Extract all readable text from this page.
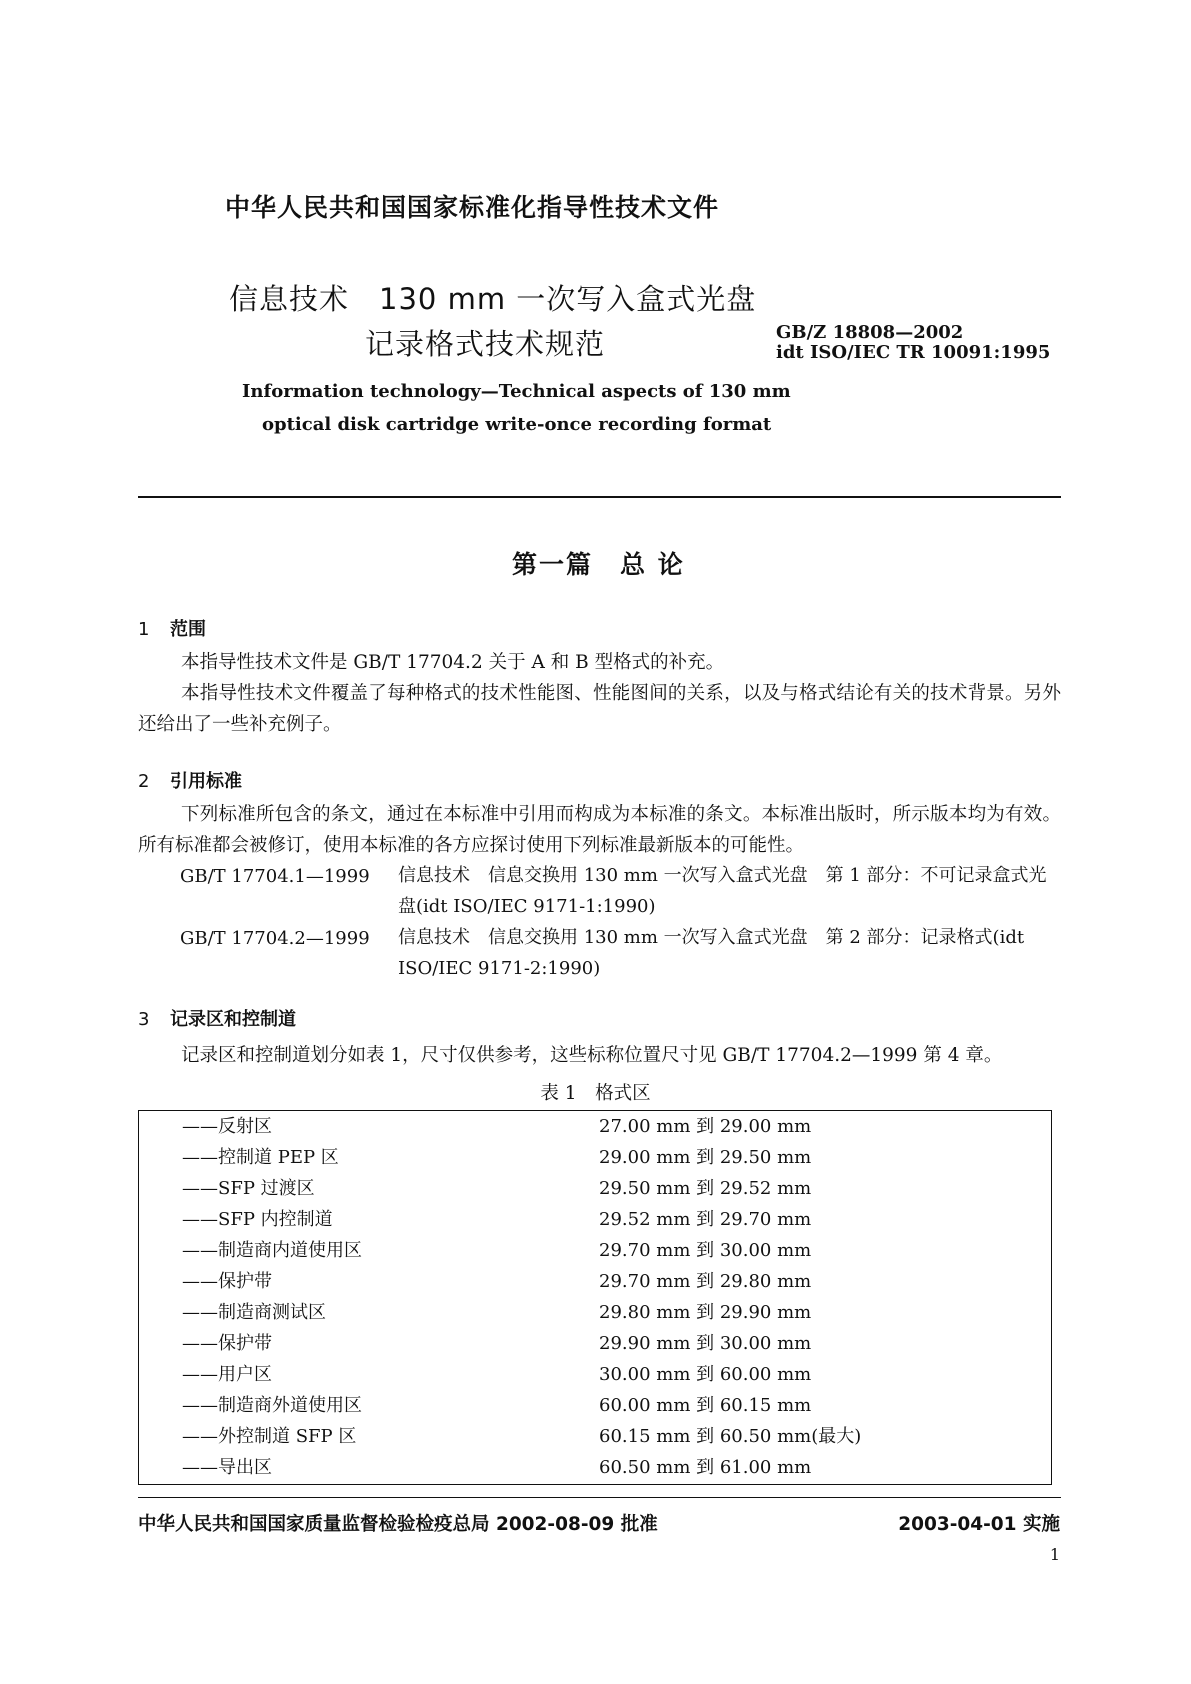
中华人民共和国国家标准化指导性技术文件
信息技术　130 mm 一次写入盒式光盘
记录格式技术规范	GB/Z 18808—2002
idt ISO/IEC TR 10091:1995
Information technology—Technical aspects of 130 mm
optical disk cartridge write-once recording format
第一篇　总 论
1 范围
本指导性技术文件是 GB/T 17704.2 关于 A 和 B 型格式的补充。
本指导性技术文件覆盖了每种格式的技术性能图、性能图间的关系，以及与格式结论有关的技术背景。另外还给出了一些补充例子。
2 引用标准
下列标准所包含的条文，通过在本标准中引用而构成为本标准的条文。本标准出版时，所示版本均为有效。所有标准都会被修订，使用本标准的各方应探讨使用下列标准最新版本的可能性。
GB/T 17704.1—1999 信息技术　信息交换用 130 mm 一次写入盒式光盘　第 1 部分：不可记录盒式光盘(idt ISO/IEC 9171-1:1990)
GB/T 17704.2—1999 信息技术　信息交换用 130 mm 一次写入盒式光盘　第 2 部分：记录格式(idt ISO/IEC 9171-2:1990)
3 记录区和控制道
记录区和控制道划分如表 1，尺寸仅供参考，这些标称位置尺寸见 GB/T 17704.2—1999 第 4 章。
表 1　格式区
——反射区	27.00 mm 到 29.00 mm
——控制道 PEP 区	29.00 mm 到 29.50 mm
——SFP 过渡区	29.50 mm 到 29.52 mm
——SFP 内控制道	29.52 mm 到 29.70 mm
——制造商内道使用区	29.70 mm 到 30.00 mm
——保护带	29.70 mm 到 29.80 mm
——制造商测试区	29.80 mm 到 29.90 mm
——保护带	29.90 mm 到 30.00 mm
——用户区	30.00 mm 到 60.00 mm
——制造商外道使用区	60.00 mm 到 60.15 mm
——外控制道 SFP 区	60.15 mm 到 60.50 mm(最大)
——导出区	60.50 mm 到 61.00 mm
中华人民共和国国家质量监督检验检疫总局 2002-08-09 批准	2003-04-01 实施
1
